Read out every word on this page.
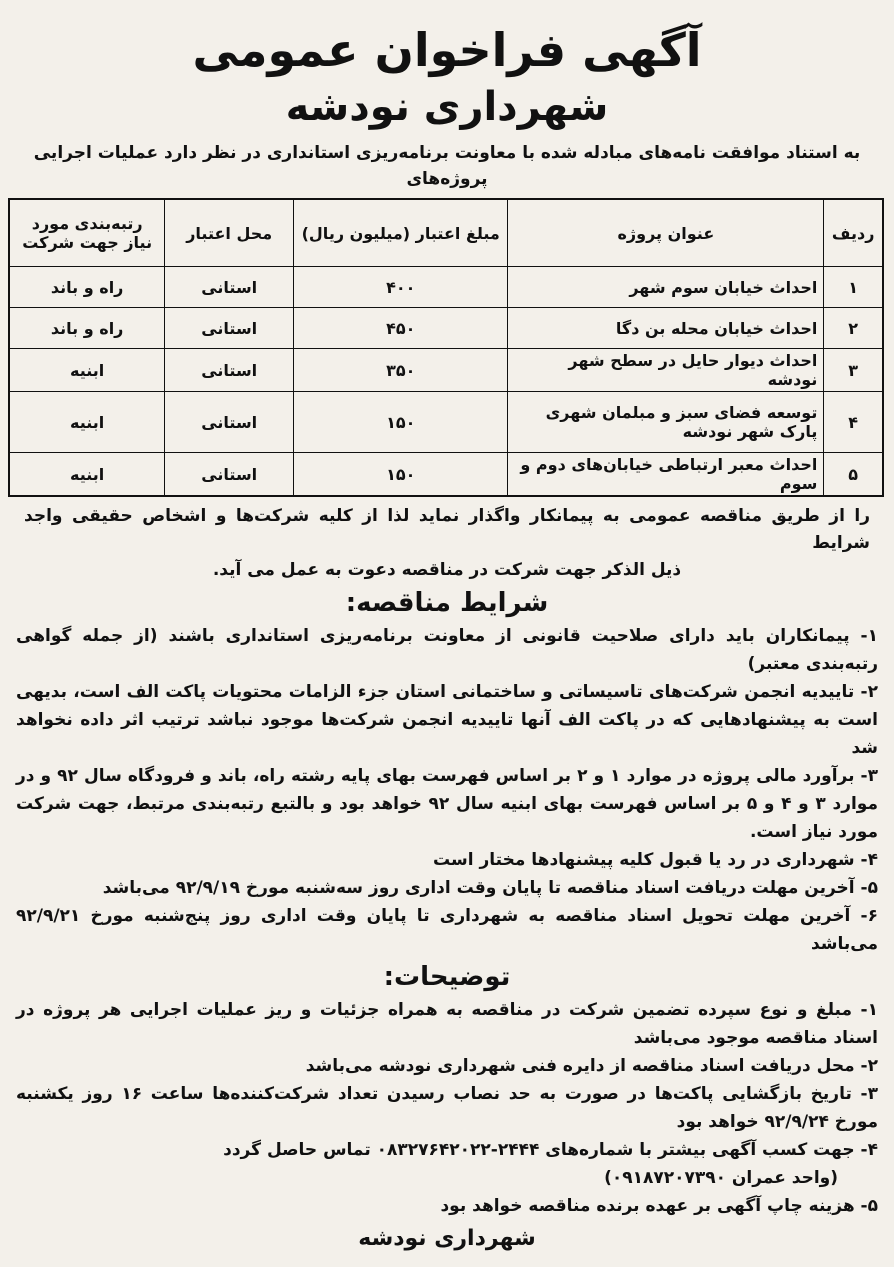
آگهی فراخوان عمومی
شهرداری نودشه
به استناد موافقت نامه‌های مبادله شده با معاونت برنامه‌ریزی استانداری در نظر دارد عملیات اجرایی پروژه‌های
ردیف	عنوان پروژه	مبلغ اعتبار (میلیون ریال)	محل اعتبار	رتبه‌بندی مورد نیاز جهت شرکت
۱	احداث خیابان سوم شهر	۴۰۰	استانی	راه و باند
۲	احداث خیابان محله بن دگا	۴۵۰	استانی	راه و باند
۳	احداث دیوار حایل در سطح شهر نودشه	۳۵۰	استانی	ابنیه
۴	توسعه فضای سبز و مبلمان شهری پارک شهر نودشه	۱۵۰	استانی	ابنیه
۵	احداث معبر ارتباطی خیابان‌های دوم و سوم	۱۵۰	استانی	ابنیه
را از طریق مناقصه عمومی به پیمانکار واگذار نماید لذا از کلیه شرکت‌ها و اشخاص حقیقی واجد شرایط
ذیل الذکر جهت شرکت در مناقصه دعوت به عمل می آید.
شرایط مناقصه:

۱- پیمانکاران باید دارای صلاحیت قانونی از معاونت برنامه‌ریزی استانداری باشند (از جمله گواهی رتبه‌بندی معتبر)

۲- تاییدیه انجمن شرکت‌های تاسیساتی و ساختمانی استان جزء الزامات محتویات پاکت الف است، بدیهی است به پیشنهادهایی که در پاکت الف آنها تاییدیه انجمن شرکت‌ها موجود نباشد ترتیب اثر داده نخواهد شد

۳- برآورد مالی پروژه در موارد ۱ و ۲ بر اساس فهرست بهای پایه رشته راه، باند و فرودگاه سال ۹۲ و در موارد ۳ و ۴ و ۵ بر اساس فهرست بهای ابنیه سال ۹۲ خواهد بود و بالتبع رتبه‌بندی مرتبط، جهت شرکت مورد نیاز است.

۴- شهرداری در رد یا قبول کلیه پیشنهادها مختار است

۵- آخرین مهلت دریافت اسناد مناقصه تا پایان وقت اداری روز سه‌شنبه مورخ ۹۲/۹/۱۹ می‌باشد

۶- آخرین مهلت تحویل اسناد مناقصه به شهرداری تا پایان وقت اداری روز پنج‌شنبه مورخ ۹۲/۹/۲۱ می‌باشد

توضیحات:

۱- مبلغ و نوع سپرده تضمین شرکت در مناقصه به همراه جزئیات و ریز عملیات اجرایی هر پروژه در اسناد مناقصه موجود می‌باشد

۲- محل دریافت اسناد مناقصه از دایره فنی شهرداری نودشه می‌باشد

۳- تاریخ بازگشایی پاکت‌ها در صورت به حد نصاب رسیدن تعداد شرکت‌کننده‌ها ساعت ۱۶ روز یکشنبه مورخ ۹۲/۹/۲۴ خواهد بود

۴- جهت کسب آگهی بیشتر با شماره‌های ۲۴۴۴-۰۸۳۲۷۶۴۲۰۲۲ تماس حاصل گردد

(واحد عمران ۰۹۱۸۷۲۰۷۳۹۰)

۵- هزینه چاپ آگهی بر عهده برنده مناقصه خواهد بود

شهرداری نودشه
